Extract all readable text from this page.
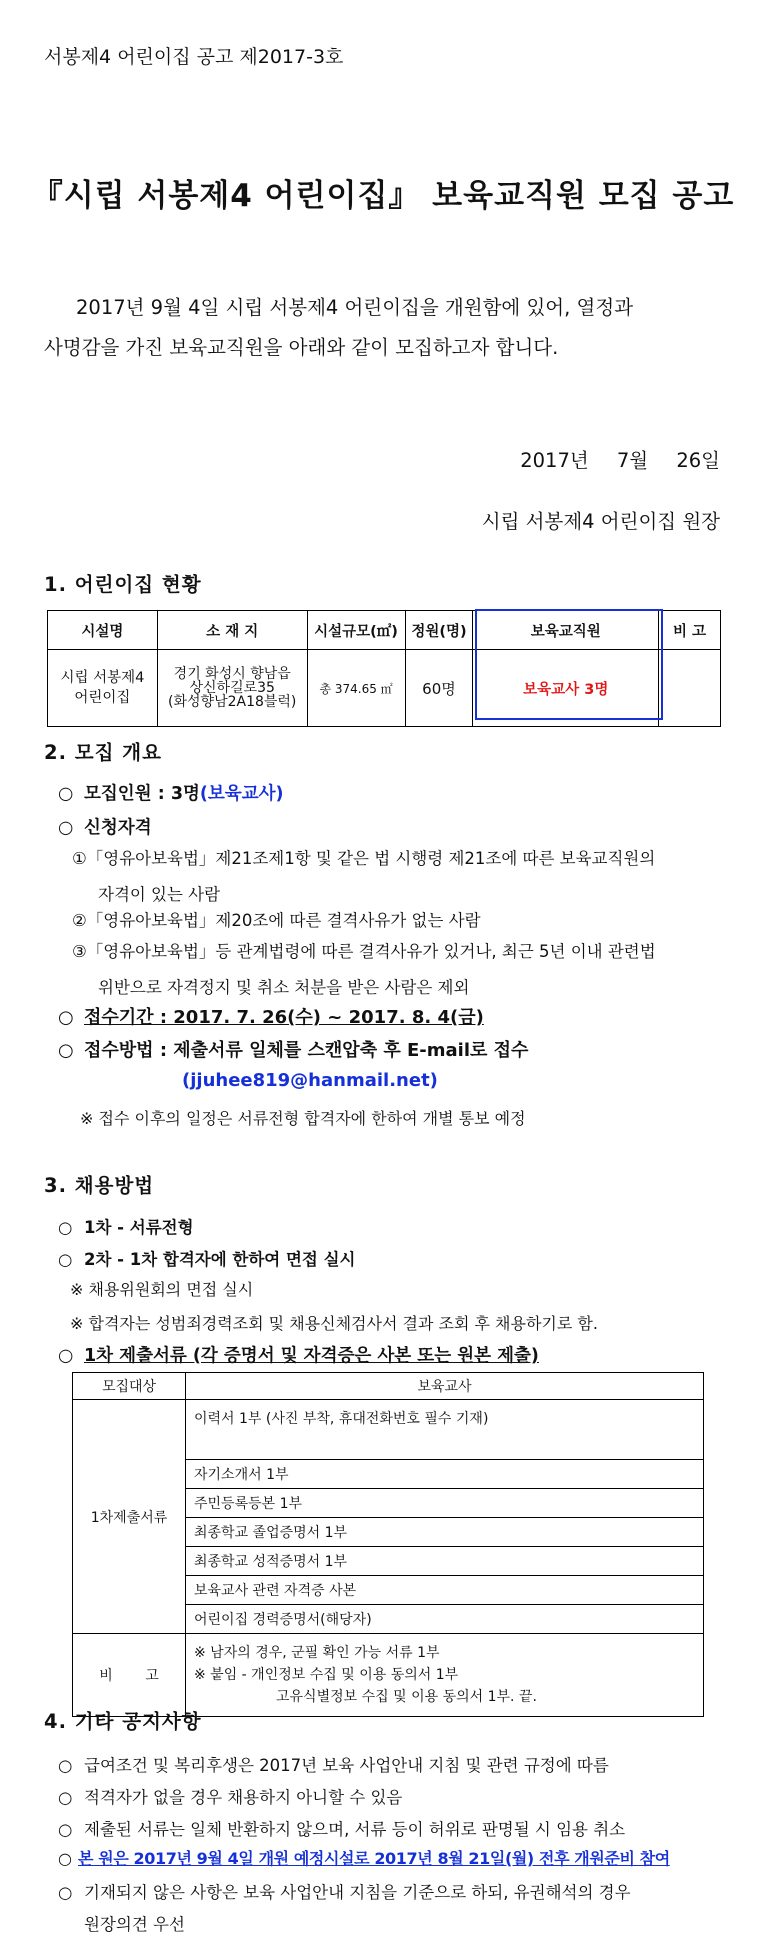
서봉제4 어린이집 공고 제2017-3호
『시립 서봉제4 어린이집』 보육교직원 모집 공고
2017년 9월 4일 시립 서봉제4 어린이집을 개원함에 있어, 열정과
사명감을 가진 보육교직원을 아래와 같이 모집하고자 합니다.
2017년 7월 26일
시립 서봉제4 어린이집 원장
1. 어린이집 현황
시설명	소 재 지	시설규모(㎡)	정원(명)	보육교직원	비 고
시립 서봉제4 어린이집	경기 화성시 향남읍
상신하길로35
(화성향남2A18블럭)	총 374.65 ㎡	60명	보육교사 3명	
2. 모집 개요
○ 모집인원 : 3명(보육교사)
○ 신청자격
①「영유아보육법」제21조제1항 및 같은 법 시행령 제21조에 따른 보육교직원의
자격이 있는 사람
②「영유아보육법」제20조에 따른 결격사유가 없는 사람
③「영유아보육법」등 관계법령에 따른 결격사유가 있거나, 최근 5년 이내 관련법
위반으로 자격정지 및 취소 처분을 받은 사람은 제외
○ 접수기간 : 2017. 7. 26(수) ~ 2017. 8. 4(금)
○ 접수방법 : 제출서류 일체를 스캔압축 후 E-mail로 접수
(jjuhee819@hanmail.net)
※ 접수 이후의 일정은 서류전형 합격자에 한하여 개별 통보 예정
3. 채용방법
○ 1차 - 서류전형
○ 2차 - 1차 합격자에 한하여 면접 실시
※ 채용위원회의 면접 실시
※ 합격자는 성범죄경력조회 및 채용신체검사서 결과 조회 후 채용하기로 함.
○ 1차 제출서류 (각 증명서 및 자격증은 사본 또는 원본 제출)
모집대상	보육교사
1차제출서류	이력서 1부 (사진 부착, 휴대전화번호 필수 기재)
	자기소개서 1부
	주민등록등본 1부
	최종학교 졸업증명서 1부
	최종학교 성적증명서 1부
	보육교사 관련 자격증 사본
	어린이집 경력증명서(해당자)
비 고	※ 남자의 경우, 군필 확인 가능 서류 1부
※ 붙임 - 개인정보 수집 및 이용 동의서 1부
고유식별정보 수집 및 이용 동의서 1부. 끝.
4. 기타 공지사항
○ 급여조건 및 복리후생은 2017년 보육 사업안내 지침 및 관련 규정에 따름
○ 적격자가 없을 경우 채용하지 아니할 수 있음
○ 제출된 서류는 일체 반환하지 않으며, 서류 등이 허위로 판명될 시 임용 취소
○ 본 원은 2017년 9월 4일 개원 예정시설로 2017년 8월 21일(월) 전후 개원준비 참여
○ 기재되지 않은 사항은 보육 사업안내 지침을 기준으로 하되, 유권해석의 경우
원장의견 우선
